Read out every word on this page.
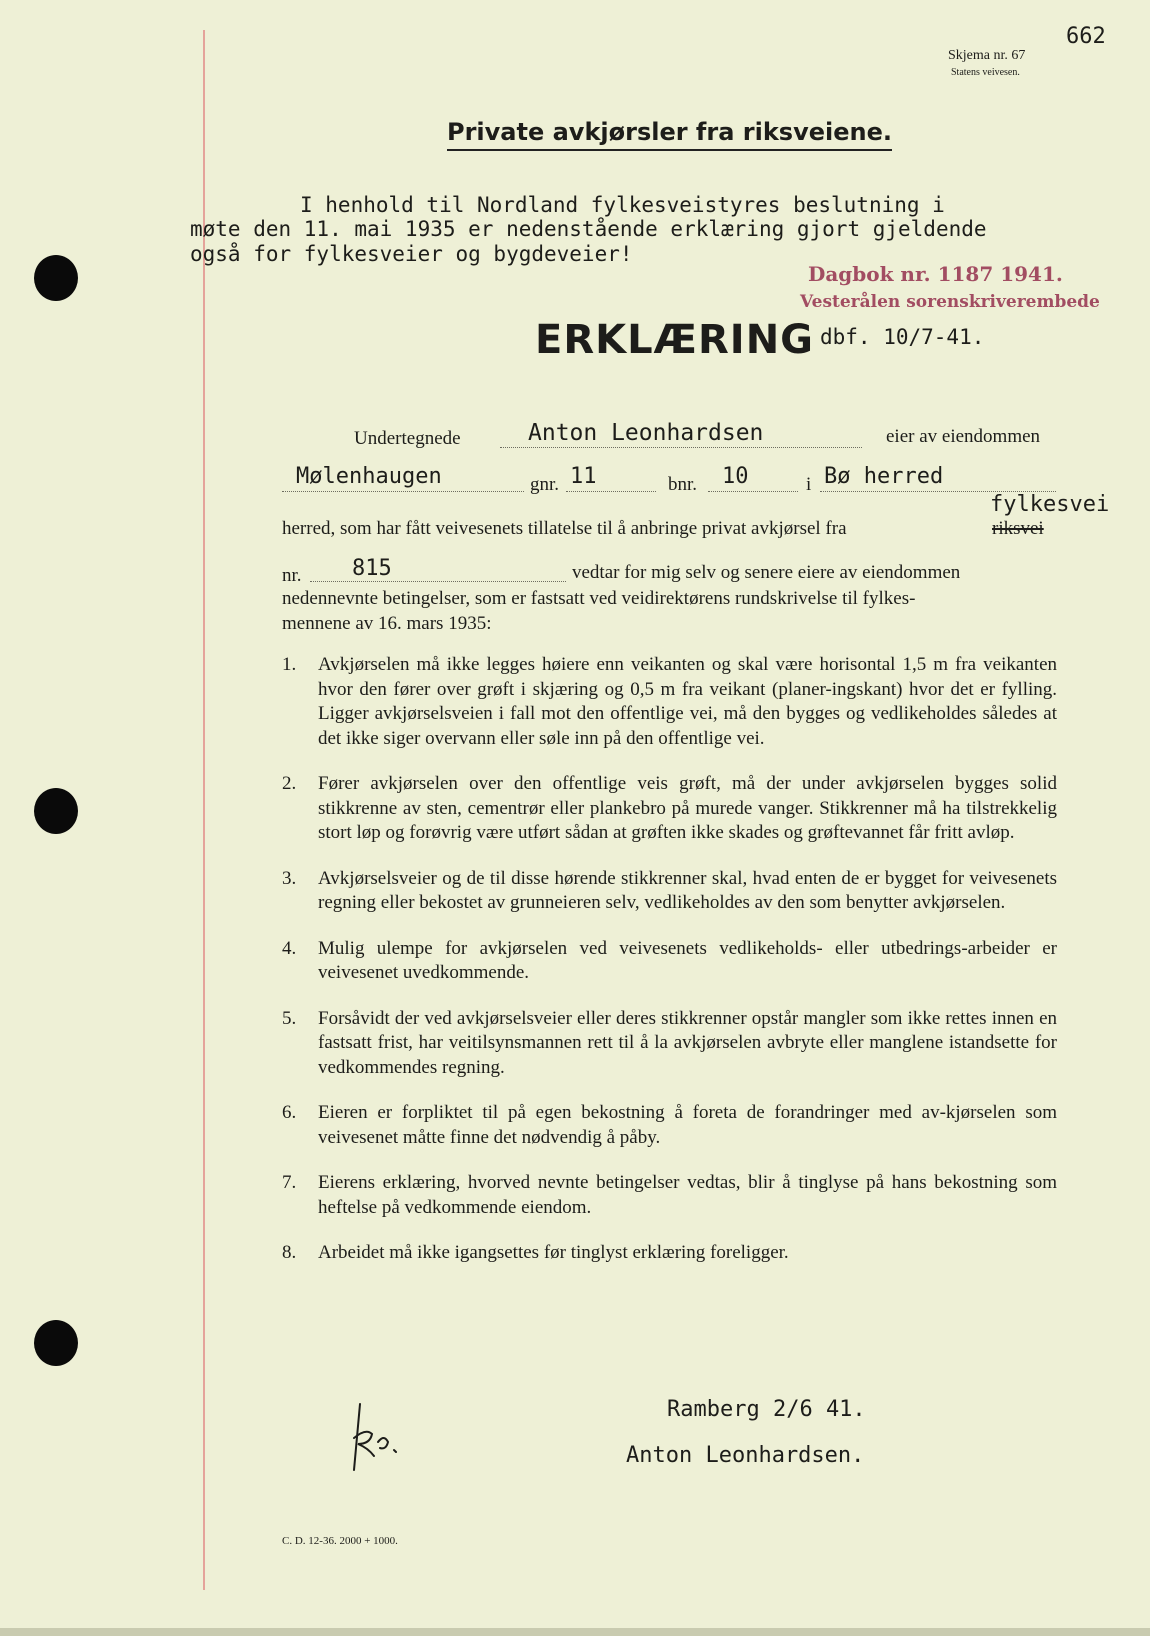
662
Skjema nr. 67
Statens veivesen.
Private avkjørsler fra riksveiene.
I henhold til Nordland fylkesveistyres beslutning i
møte den 11. mai 1935 er nedenstående erklæring gjort gjeldende
også for fylkesveier og bygdeveier!
Dagbok nr. 1187 1941.
Vesterålen sorenskriverembede
ERKLÆRING dbf. 10/7-41.
Undertegnede	Anton Leonhardsen	eier av eiendommen
Mølenhaugen	gnr. 11	bnr.	10	i Bø herred
fylkesvei
herred, som har fått veivesenets tillatelse til å anbringe privat avkjørsel fra	riksvei
nr.	815	vedtar for mig selv og senere eiere av eiendommen
nedennevnte betingelser, som er fastsatt ved veidirektørens rundskrivelse til fylkes-
mennene av 16. mars 1935:
1.	Avkjørselen må ikke legges høiere enn veikanten og skal være horisontal 1,5 m fra veikanten hvor den fører over grøft i skjæring og 0,5 m fra veikant (planer-ingskant) hvor det er fylling. Ligger avkjørselsveien i fall mot den offentlige vei, må den bygges og vedlikeholdes således at det ikke siger overvann eller søle inn på den offentlige vei.
2.	Fører avkjørselen over den offentlige veis grøft, må der under avkjørselen bygges solid stikkrenne av sten, cementrør eller plankebro på murede vanger. Stikkrenner må ha tilstrekkelig stort løp og forøvrig være utført sådan at grøften ikke skades og grøftevannet får fritt avløp.
3.	Avkjørselsveier og de til disse hørende stikkrenner skal, hvad enten de er bygget for veivesenets regning eller bekostet av grunneieren selv, vedlikeholdes av den som benytter avkjørselen.
4.	Mulig ulempe for avkjørselen ved veivesenets vedlikeholds- eller utbedrings-arbeider er veivesenet uvedkommende.
5.	Forsåvidt der ved avkjørselsveier eller deres stikkrenner opstår mangler som ikke rettes innen en fastsatt frist, har veitilsynsmannen rett til å la avkjørselen avbryte eller manglene istandsette for vedkommendes regning.
6.	Eieren er forpliktet til på egen bekostning å foreta de forandringer med av-kjørselen som veivesenet måtte finne det nødvendig å påby.
7.	Eierens erklæring, hvorved nevnte betingelser vedtas, blir å tinglyse på hans bekostning som heftelse på vedkommende eiendom.
8.	Arbeidet må ikke igangsettes før tinglyst erklæring foreligger.
Ramberg 2/6 41.
Anton Leonhardsen.
C. D. 12-36. 2000 + 1000.
